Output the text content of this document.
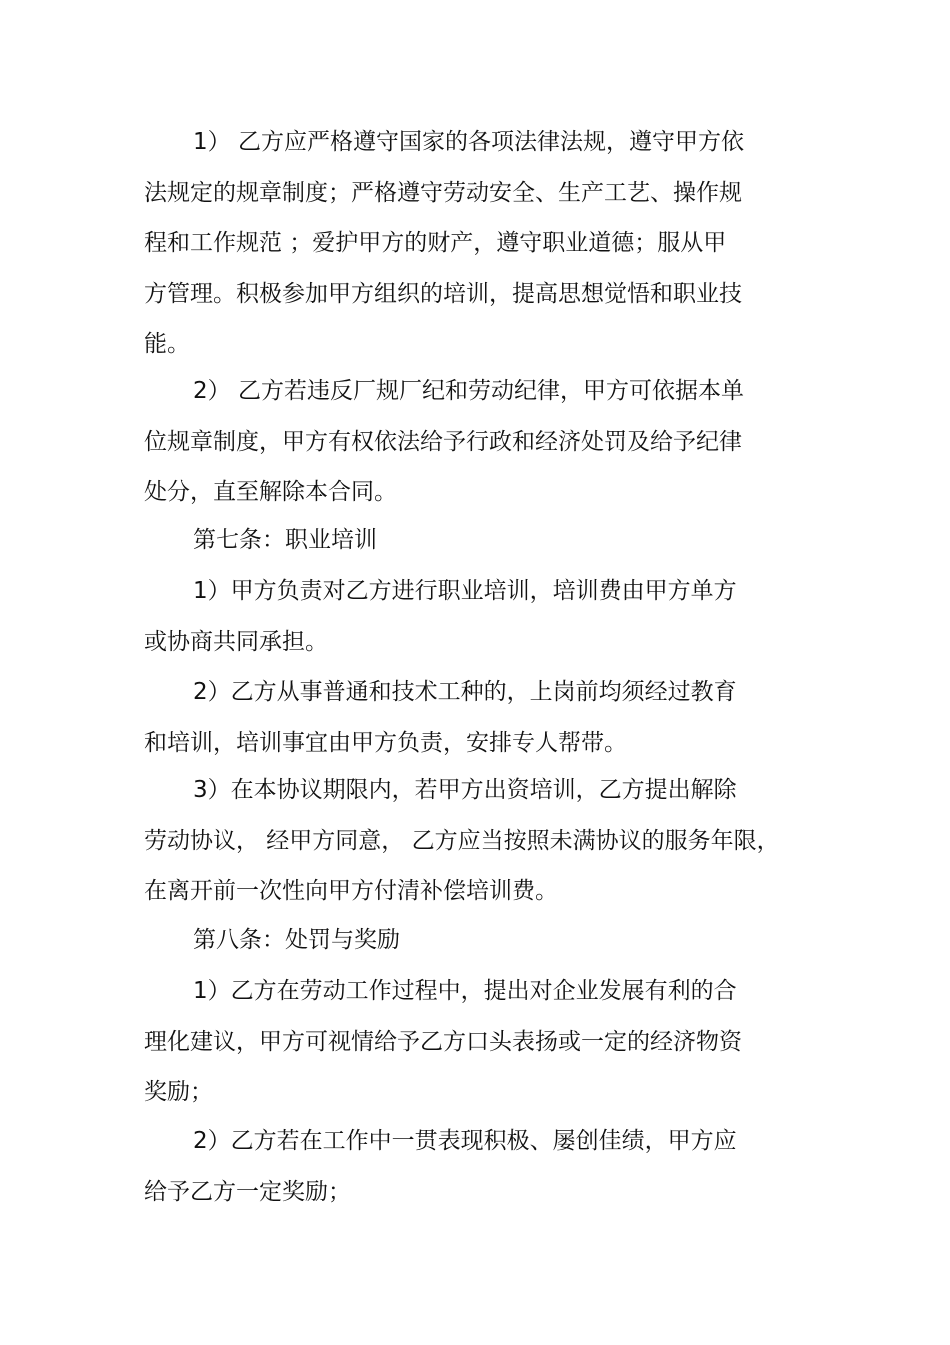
1） 乙方应严格遵守国家的各项法律法规，遵守甲方依
法规定的规章制度；严格遵守劳动安全、生产工艺、操作规
程和工作规范 ；爱护甲方的财产，遵守职业道德；服从甲
方管理。积极参加甲方组织的培训，提高思想觉悟和职业技
能。
2） 乙方若违反厂规厂纪和劳动纪律，甲方可依据本单
位规章制度，甲方有权依法给予行政和经济处罚及给予纪律
处分，直至解除本合同。
第七条：职业培训
1）甲方负责对乙方进行职业培训，培训费由甲方单方
或协商共同承担。
2）乙方从事普通和技术工种的，上岗前均须经过教育
和培训，培训事宜由甲方负责，安排专人帮带。
3）在本协议期限内，若甲方出资培训，乙方提出解除
劳动协议， 经甲方同意， 乙方应当按照未满协议的服务年限，
在离开前一次性向甲方付清补偿培训费。
第八条：处罚与奖励
1）乙方在劳动工作过程中，提出对企业发展有利的合
理化建议，甲方可视情给予乙方口头表扬或一定的经济物资
奖励；
2）乙方若在工作中一贯表现积极、屡创佳绩，甲方应
给予乙方一定奖励；
